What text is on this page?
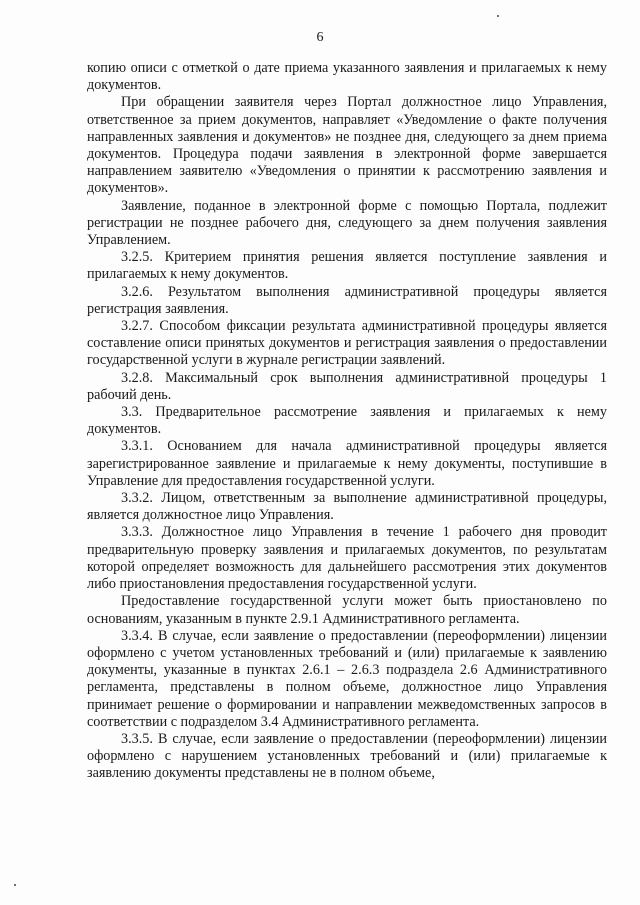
6

копию описи с отметкой о дате приема указанного заявления и прилагаемых к нему документов.

При обращении заявителя через Портал должностное лицо Управления, ответственное за прием документов, направляет «Уведомление о факте получения направленных заявления и документов» не позднее дня, следующего за днем приема документов. Процедура подачи заявления в электронной форме завершается направлением заявителю «Уведомления о принятии к рассмотрению заявления и документов».

Заявление, поданное в электронной форме с помощью Портала, подлежит регистрации не позднее рабочего дня, следующего за днем получения заявления Управлением.

3.2.5. Критерием принятия решения является поступление заявления и прилагаемых к нему документов.

3.2.6. Результатом выполнения административной процедуры является регистрация заявления.

3.2.7. Способом фиксации результата административной процедуры является составление описи принятых документов и регистрация заявления о предоставлении государственной услуги в журнале регистрации заявлений.

3.2.8. Максимальный срок выполнения административной процедуры 1 рабочий день.

3.3. Предварительное рассмотрение заявления и прилагаемых к нему документов.

3.3.1. Основанием для начала административной процедуры является зарегистрированное заявление и прилагаемые к нему документы, поступившие в Управление для предоставления государственной услуги.

3.3.2. Лицом, ответственным за выполнение административной процедуры, является должностное лицо Управления.

3.3.3. Должностное лицо Управления в течение 1 рабочего дня проводит предварительную проверку заявления и прилагаемых документов, по результатам которой определяет возможность для дальнейшего рассмотрения этих документов либо приостановления предоставления государственной услуги.

Предоставление государственной услуги может быть приостановлено по основаниям, указанным в пункте 2.9.1 Административного регламента.

3.3.4. В случае, если заявление о предоставлении (переоформлении) лицензии оформлено с учетом установленных требований и (или) прилагаемые к заявлению документы, указанные в пунктах 2.6.1 – 2.6.3 подраздела 2.6 Административного регламента, представлены в полном объеме, должностное лицо Управления принимает решение о формировании и направлении межведомственных запросов в соответствии с подразделом 3.4 Административного регламента.

3.3.5. В случае, если заявление о предоставлении (переоформлении) лицензии оформлено с нарушением установленных требований и (или) прилагаемые к заявлению документы представлены не в полном объеме,
